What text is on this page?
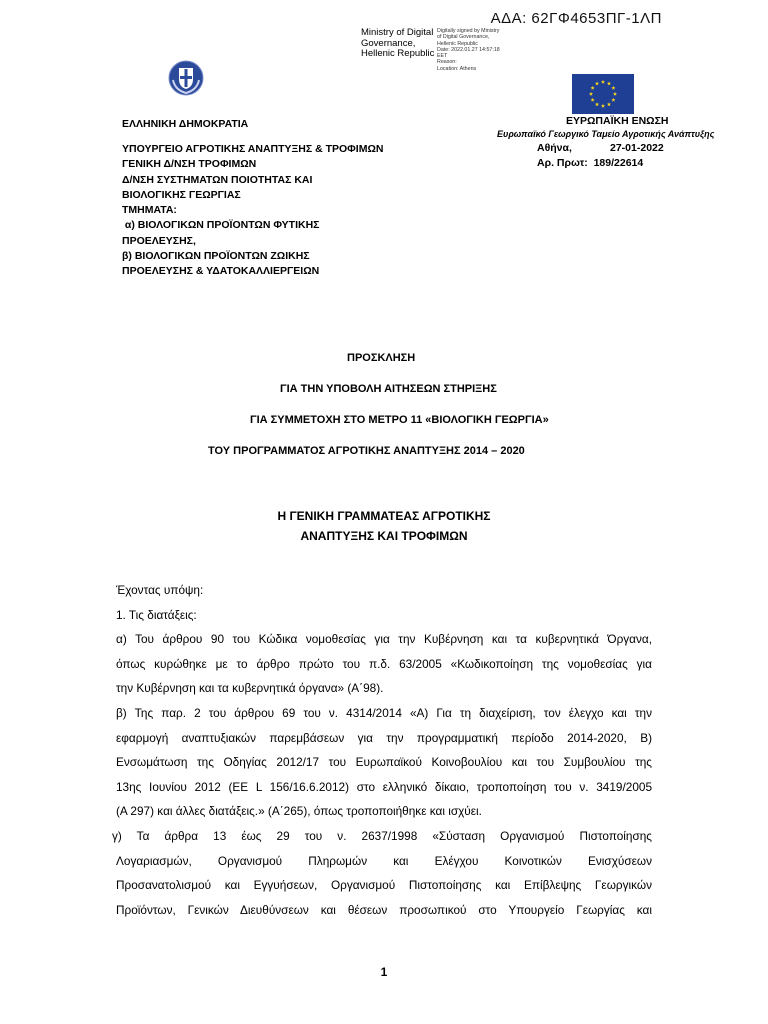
ΑΔΑ: 62ΓΦ4653ΠΓ-1ΛΠ
Ministry of Digital
Governance,
Hellenic Republic
Digitally signed by Ministry
of Digital Governance,
Hellenic Republic
Date: 2022.01.27 14:57:18
EET
Reason:
Location: Athens
ΕΛΛΗΝΙΚΗ ΔΗΜΟΚΡΑΤΙΑ	ΕΥΡΩΠΑΪΚΗ ΕΝΩΣΗ
Ευρωπαϊκό Γεωργικό Ταμείο Αγροτικής Ανάπτυξης
ΥΠΟΥΡΓΕΙΟ ΑΓΡΟΤΙΚΗΣ ΑΝΑΠΤΥΞΗΣ & ΤΡΟΦΙΜΩΝ
ΓΕΝΙΚΗ Δ/ΝΣΗ ΤΡΟΦΙΜΩΝ
Δ/ΝΣΗ ΣΥΣΤΗΜΑΤΩΝ ΠΟΙΟΤΗΤΑΣ ΚΑΙ
ΒΙΟΛΟΓΙΚΗΣ ΓΕΩΡΓΙΑΣ
ΤΜΗΜΑΤΑ:
α) ΒΙΟΛΟΓΙΚΩΝ ΠΡΟΪΟΝΤΩΝ ΦΥΤΙΚΗΣ
ΠΡΟΕΛΕΥΣΗΣ,
β) ΒΙΟΛΟΓΙΚΩΝ ΠΡΟΪΟΝΤΩΝ ΖΩΙΚΗΣ
ΠΡΟΕΛΕΥΣΗΣ & ΥΔΑΤΟΚΑΛΛΙΕΡΓΕΙΩΝ
Αθήνα,	27-01-2022
Αρ. Πρωτ:  189/22614
ΠΡΟΣΚΛΗΣΗ
ΓΙΑ ΤΗΝ ΥΠΟΒΟΛΗ ΑΙΤΗΣΕΩΝ ΣΤΗΡΙΞΗΣ
ΓΙΑ ΣΥΜΜΕΤΟΧΗ ΣΤΟ ΜΕΤΡΟ 11 «ΒΙΟΛΟΓΙΚΗ ΓΕΩΡΓΙΑ»
ΤΟΥ ΠΡΟΓΡΑΜΜΑΤΟΣ ΑΓΡΟΤΙΚΗΣ ΑΝΑΠΤΥΞΗΣ 2014 – 2020
Η ΓΕΝΙΚΗ ΓΡΑΜΜΑΤΕΑΣ ΑΓΡΟΤΙΚΗΣ
ΑΝΑΠΤΥΞΗΣ ΚΑΙ ΤΡΟΦΙΜΩΝ

Έχοντας υπόψη:

1. Τις διατάξεις:

α) Του άρθρου 90 του Κώδικα νομοθεσίας για την Κυβέρνηση και τα κυβερνητικά Όργανα,

όπως κυρώθηκε με το άρθρο πρώτο του π.δ. 63/2005 «Κωδικοποίηση της νομοθεσίας για

την Κυβέρνηση και τα κυβερνητικά όργανα» (Α΄98).

β) Της παρ. 2 του άρθρου 69 του ν. 4314/2014 «Α) Για τη διαχείριση, τον έλεγχο και την

εφαρμογή αναπτυξιακών παρεμβάσεων για την προγραμματική περίοδο 2014-2020, Β)

Ενσωμάτωση της Οδηγίας 2012/17 του Ευρωπαϊκού Κοινοβουλίου και του Συμβουλίου της

13ης Ιουνίου 2012 (ΕΕ L 156/16.6.2012) στο ελληνικό δίκαιο, τροποποίηση του ν. 3419/2005

(Α 297) και άλλες διατάξεις.» (Α΄265), όπως τροποποιήθηκε και ισχύει.

γ) Τα άρθρα 13 έως 29 του ν. 2637/1998 «Σύσταση Οργανισμού Πιστοποίησης

Λογαριασμών, Οργανισμού Πληρωμών και Ελέγχου Κοινοτικών Ενισχύσεων

Προσανατολισμού και Εγγυήσεων, Οργανισμού Πιστοποίησης και Επίβλεψης Γεωργικών

Προϊόντων, Γενικών Διευθύνσεων και θέσεων προσωπικού στο Υπουργείο Γεωργίας και

1
